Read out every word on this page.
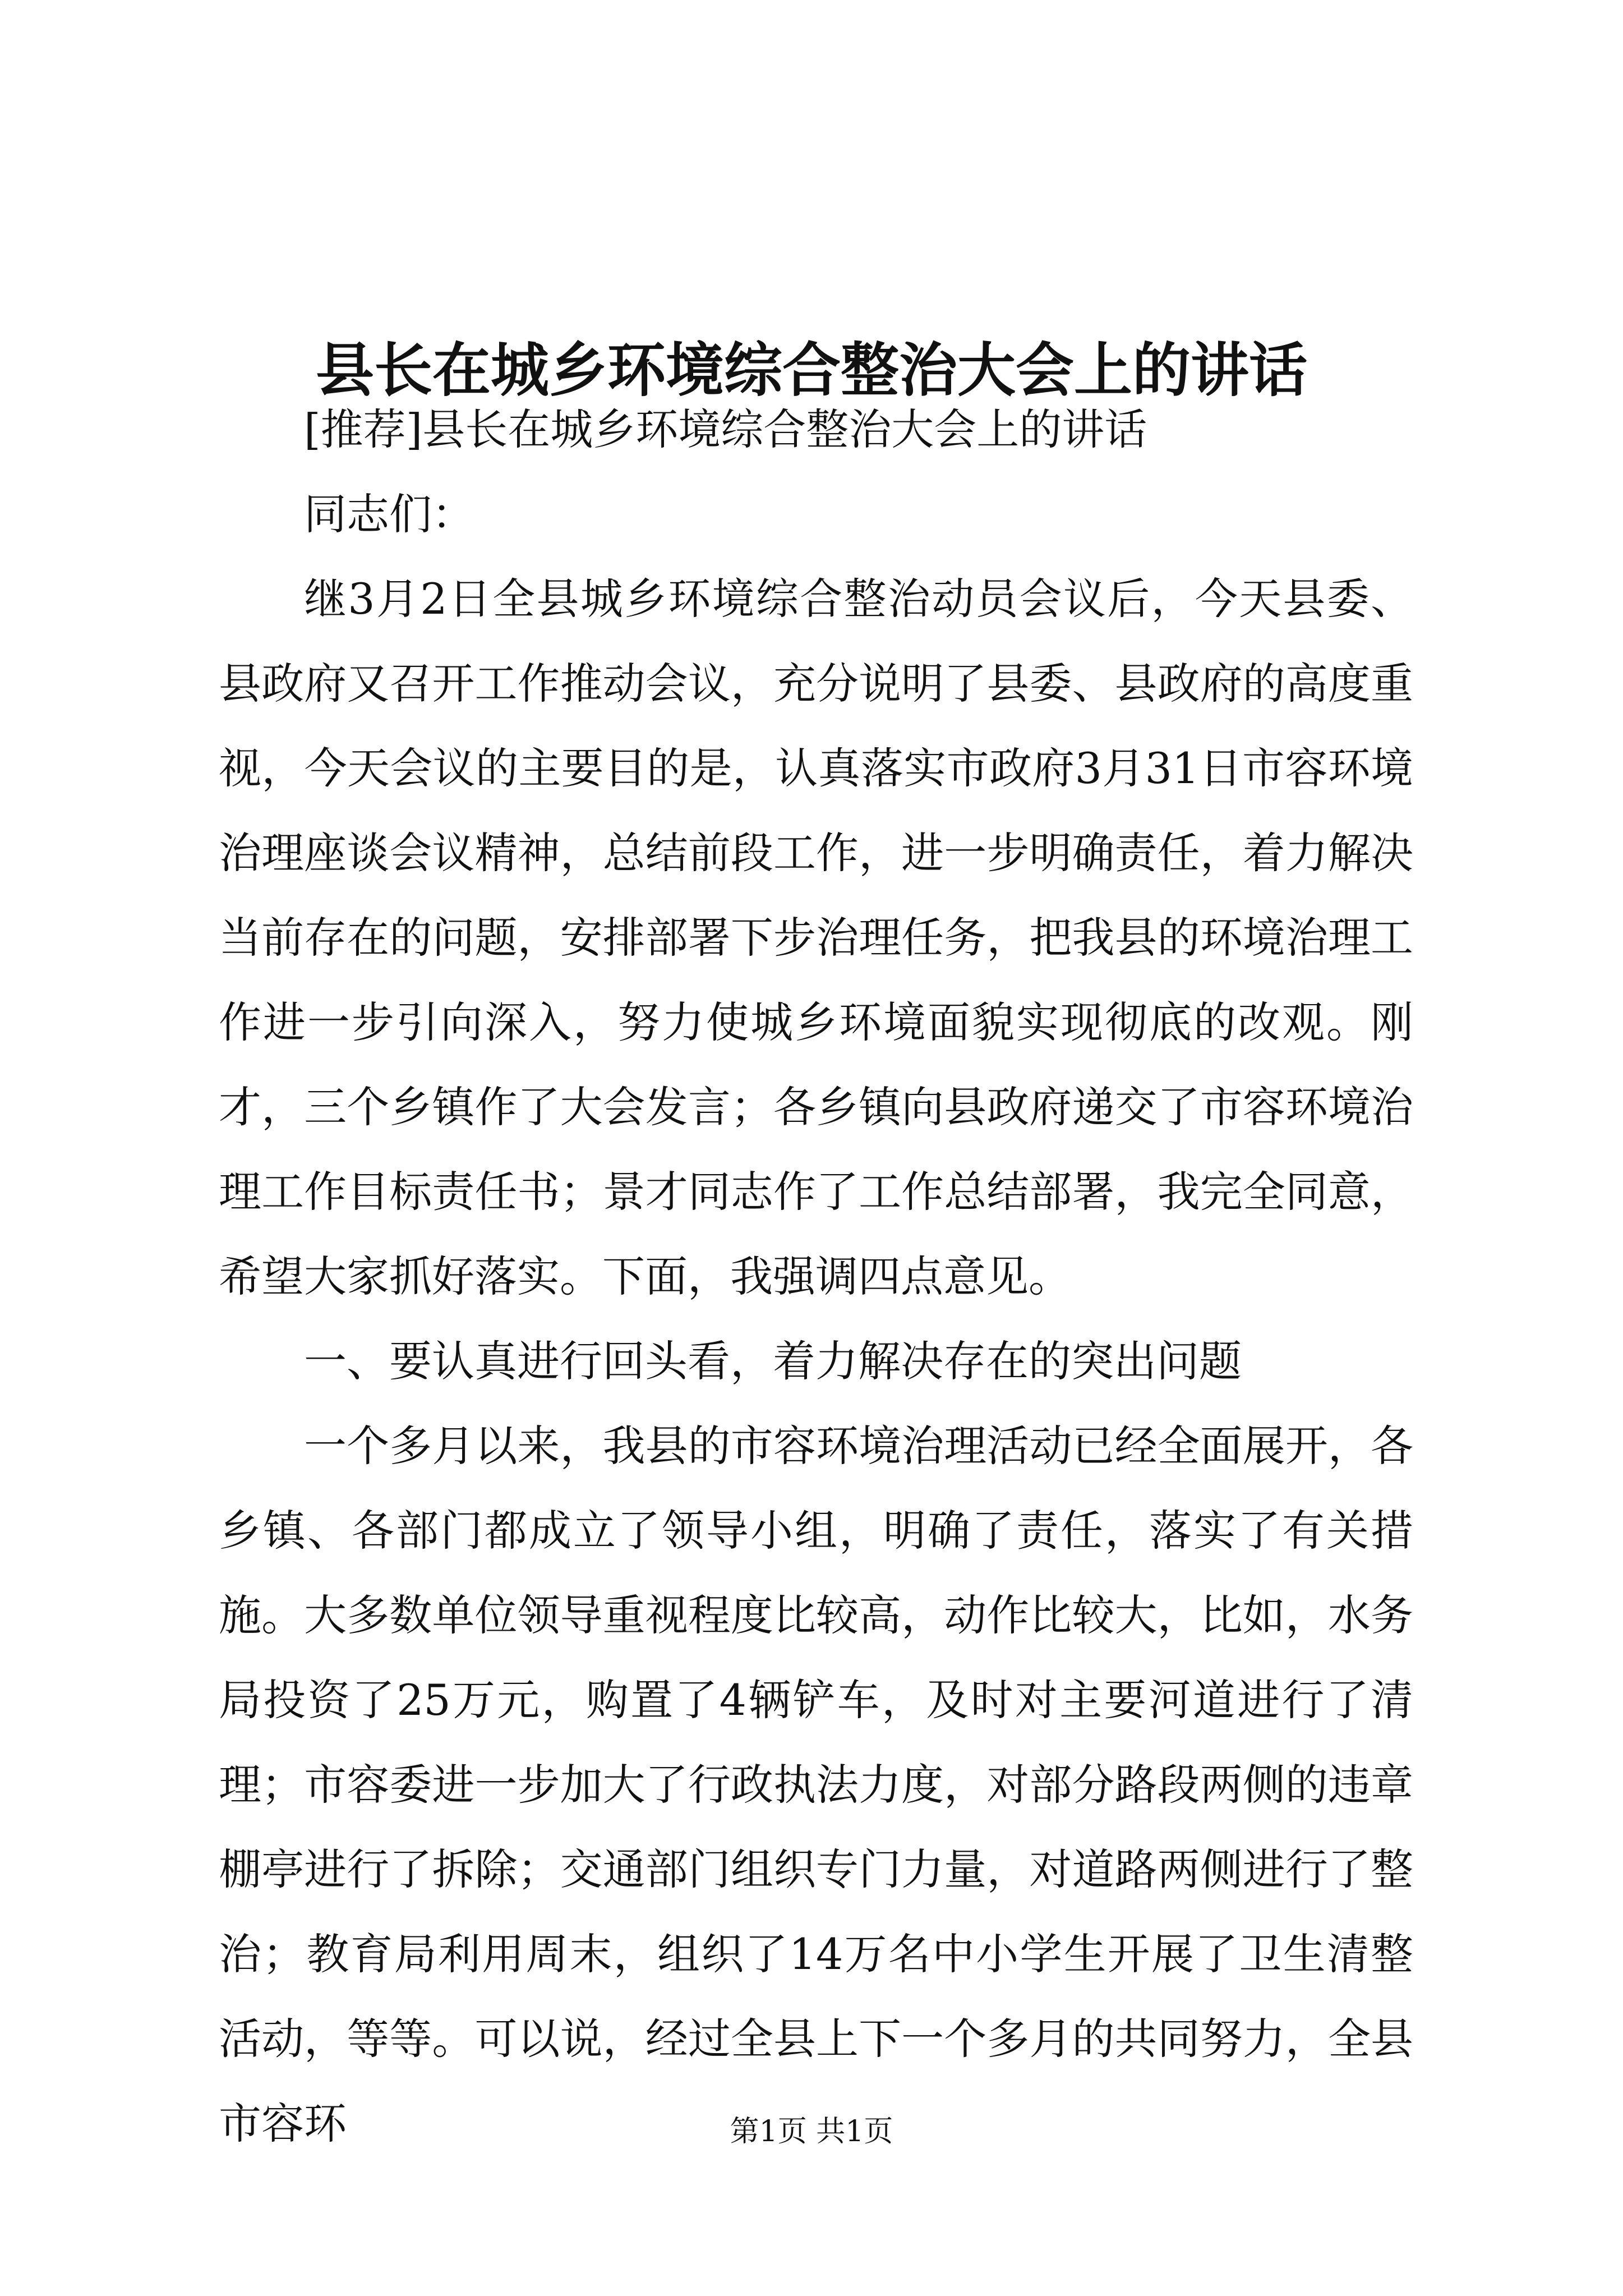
县长在城乡环境综合整治大会上的讲话

[推荐]县长在城乡环境综合整治大会上的讲话

同志们：

继3月2日全县城乡环境综合整治动员会议后，今天县委、县政府又召开工作推动会议，充分说明了县委、县政府的高度重视，今天会议的主要目的是，认真落实市政府3月31日市容环境治理座谈会议精神，总结前段工作，进一步明确责任，着力解决当前存在的问题，安排部署下步治理任务，把我县的环境治理工作进一步引向深入，努力使城乡环境面貌实现彻底的改观。刚才，三个乡镇作了大会发言；各乡镇向县政府递交了市容环境治理工作目标责任书；景才同志作了工作总结部署，我完全同意，希望大家抓好落实。下面，我强调四点意见。

一、要认真进行回头看，着力解决存在的突出问题

一个多月以来，我县的市容环境治理活动已经全面展开，各乡镇、各部门都成立了领导小组，明确了责任，落实了有关措施。大多数单位领导重视程度比较高，动作比较大，比如，水务局投资了25万元，购置了4辆铲车，及时对主要河道进行了清理；市容委进一步加大了行政执法力度，对部分路段两侧的违章棚亭进行了拆除；交通部门组织专门力量，对道路两侧进行了整治；教育局利用周末，组织了14万名中小学生开展了卫生清整活动，等等。可以说，经过全县上下一个多月的共同努力，全县市容环	第1页 共1页
